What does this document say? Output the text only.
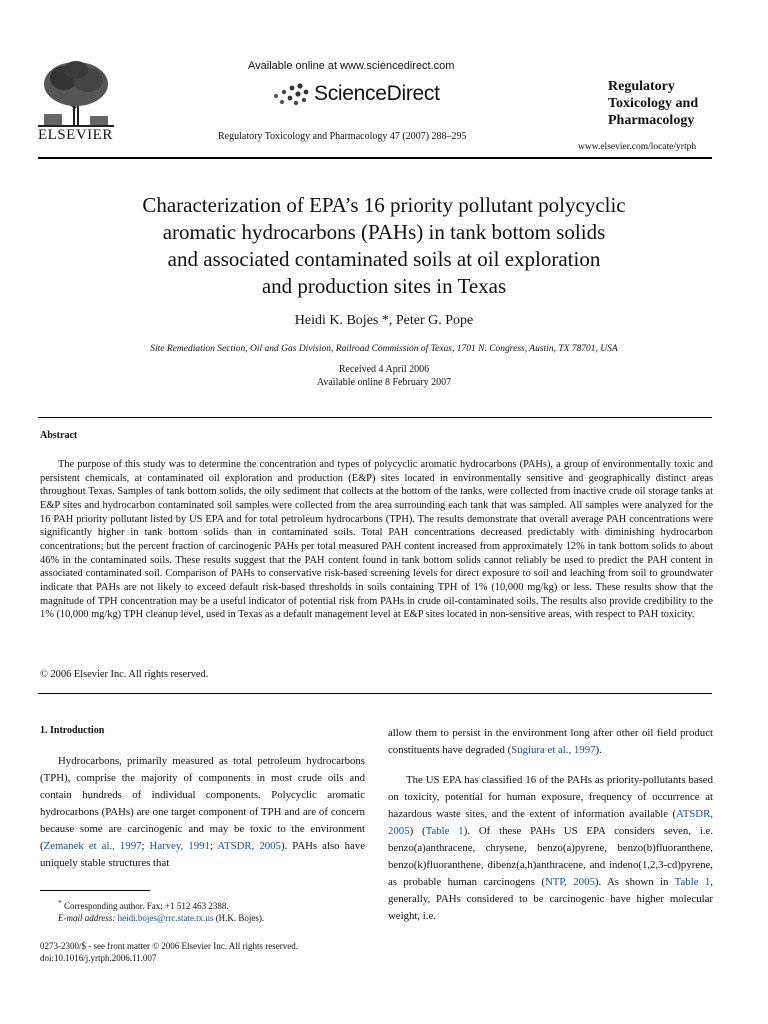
ELSEVIER
Available online at www.sciencedirect.com
ScienceDirect
Regulatory Toxicology and Pharmacology 47 (2007) 288–295
Regulatory
Toxicology and
Pharmacology
www.elsevier.com/locate/yrtph
Characterization of EPA’s 16 priority pollutant polycyclic
aromatic hydrocarbons (PAHs) in tank bottom solids
and associated contaminated soils at oil exploration
and production sites in Texas
Heidi K. Bojes *, Peter G. Pope
Site Remediation Section, Oil and Gas Division, Railroad Commission of Texas, 1701 N. Congress, Austin, TX 78701, USA
Received 4 April 2006
Available online 8 February 2007
Abstract
The purpose of this study was to determine the concentration and types of polycyclic aromatic hydrocarbons (PAHs), a group of environmentally toxic and persistent chemicals, at contaminated oil exploration and production (E&P) sites located in environmentally sensitive and geographically distinct areas throughout Texas. Samples of tank bottom solids, the oily sediment that collects at the bottom of the tanks, were collected from inactive crude oil storage tanks at E&P sites and hydrocarbon contaminated soil samples were collected from the area surrounding each tank that was sampled. All samples were analyzed for the 16 PAH priority pollutant listed by US EPA and for total petroleum hydrocarbons (TPH). The results demonstrate that overall average PAH concentrations were significantly higher in tank bottom solids than in contaminated soils. Total PAH concentrations decreased predictably with diminishing hydrocarbon concentrations; but the percent fraction of carcinogenic PAHs per total measured PAH content increased from approximately 12% in tank bottom solids to about 46% in the contaminated soils. These results suggest that the PAH content found in tank bottom solids cannot reliably be used to predict the PAH content in associated contaminated soil. Comparison of PAHs to conservative risk-based screening levels for direct exposure to soil and leaching from soil to groundwater indicate that PAHs are not likely to exceed default risk-based thresholds in soils containing TPH of 1% (10,000 mg/kg) or less. These results show that the magnitude of TPH concentration may be a useful indicator of potential risk from PAHs in crude oil-contaminated soils. The results also provide credibility to the 1% (10,000 mg/kg) TPH cleanup level, used in Texas as a default management level at E&P sites located in non-sensitive areas, with respect to PAH toxicity.
© 2006 Elsevier Inc. All rights reserved.
1. Introduction
Hydrocarbons, primarily measured as total petroleum hydrocarbons (TPH), comprise the majority of components in most crude oils and contain hundreds of individual components. Polycyclic aromatic hydrocarbons (PAHs) are one target component of TPH and are of concern because some are carcinogenic and may be toxic to the environment (Zemanek et al., 1997; Harvey, 1991; ATSDR, 2005). PAHs also have uniquely stable structures that
allow them to persist in the environment long after other oil field product constituents have degraded (Sugiura et al., 1997).
The US EPA has classified 16 of the PAHs as priority-pollutants based on toxicity, potential for human exposure, frequency of occurrence at hazardous waste sites, and the extent of information available (ATSDR, 2005) (Table 1). Of these PAHs US EPA considers seven, i.e. benzo(a)anthracene, chrysene, benzo(a)pyrene, benzo(b)fluoranthene, benzo(k)fluoranthene, dibenz(a,h)anthracene, and indeno(1,2,3-cd)pyrene, as probable human carcinogens (NTP, 2005). As shown in Table 1, generally, PAHs considered to be carcinogenic have higher molecular weight, i.e.
* Corresponding author. Fax: +1 512 463 2388.
E-mail address: heidi.bojes@rrc.state.tx.us (H.K. Bojes).
0273-2300/$ - see front matter © 2006 Elsevier Inc. All rights reserved.
doi:10.1016/j.yrtph.2006.11.007
